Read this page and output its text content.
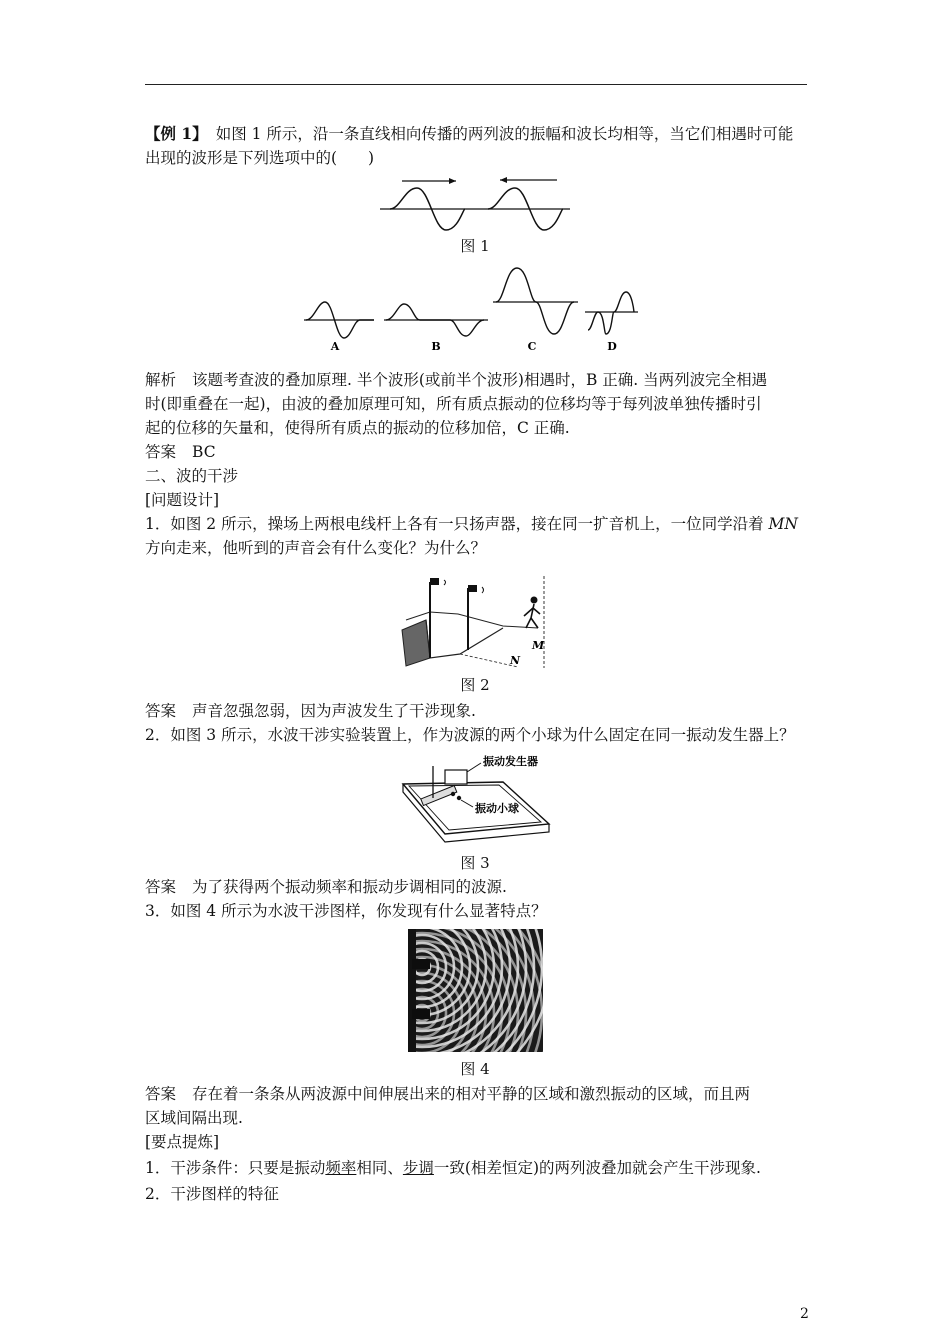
【例 1】 如图 1 所示，沿一条直线相向传播的两列波的振幅和波长均相等，当它们相遇时可能
出现的波形是下列选项中的(　　)
图 1
A	B	C	D
解析 该题考查波的叠加原理. 半个波形(或前半个波形)相遇时，B 正确. 当两列波完全相遇
时(即重叠在一起)，由波的叠加原理可知，所有质点振动的位移均等于每列波单独传播时引
起的位移的矢量和，使得所有质点的振动的位移加倍，C 正确.
答案 BC
二、波的干涉
[问题设计]
1．如图 2 所示，操场上两根电线杆上各有一只扬声器，接在同一扩音机上，一位同学沿着 MN
方向走来，他听到的声音会有什么变化？为什么？
N
M
图 2
答案 声音忽强忽弱，因为声波发生了干涉现象.
2．如图 3 所示，水波干涉实验装置上，作为波源的两个小球为什么固定在同一振动发生器上？
振动发生器
振动小球
图 3
答案 为了获得两个振动频率和振动步调相同的波源.
3．如图 4 所示为水波干涉图样，你发现有什么显著特点？
图 4
答案 存在着一条条从两波源中间伸展出来的相对平静的区域和激烈振动的区域，而且两
区域间隔出现.
[要点提炼]
1．干涉条件：只要是振动频率相同、步调一致(相差恒定)的两列波叠加就会产生干涉现象.
2．干涉图样的特征
2
